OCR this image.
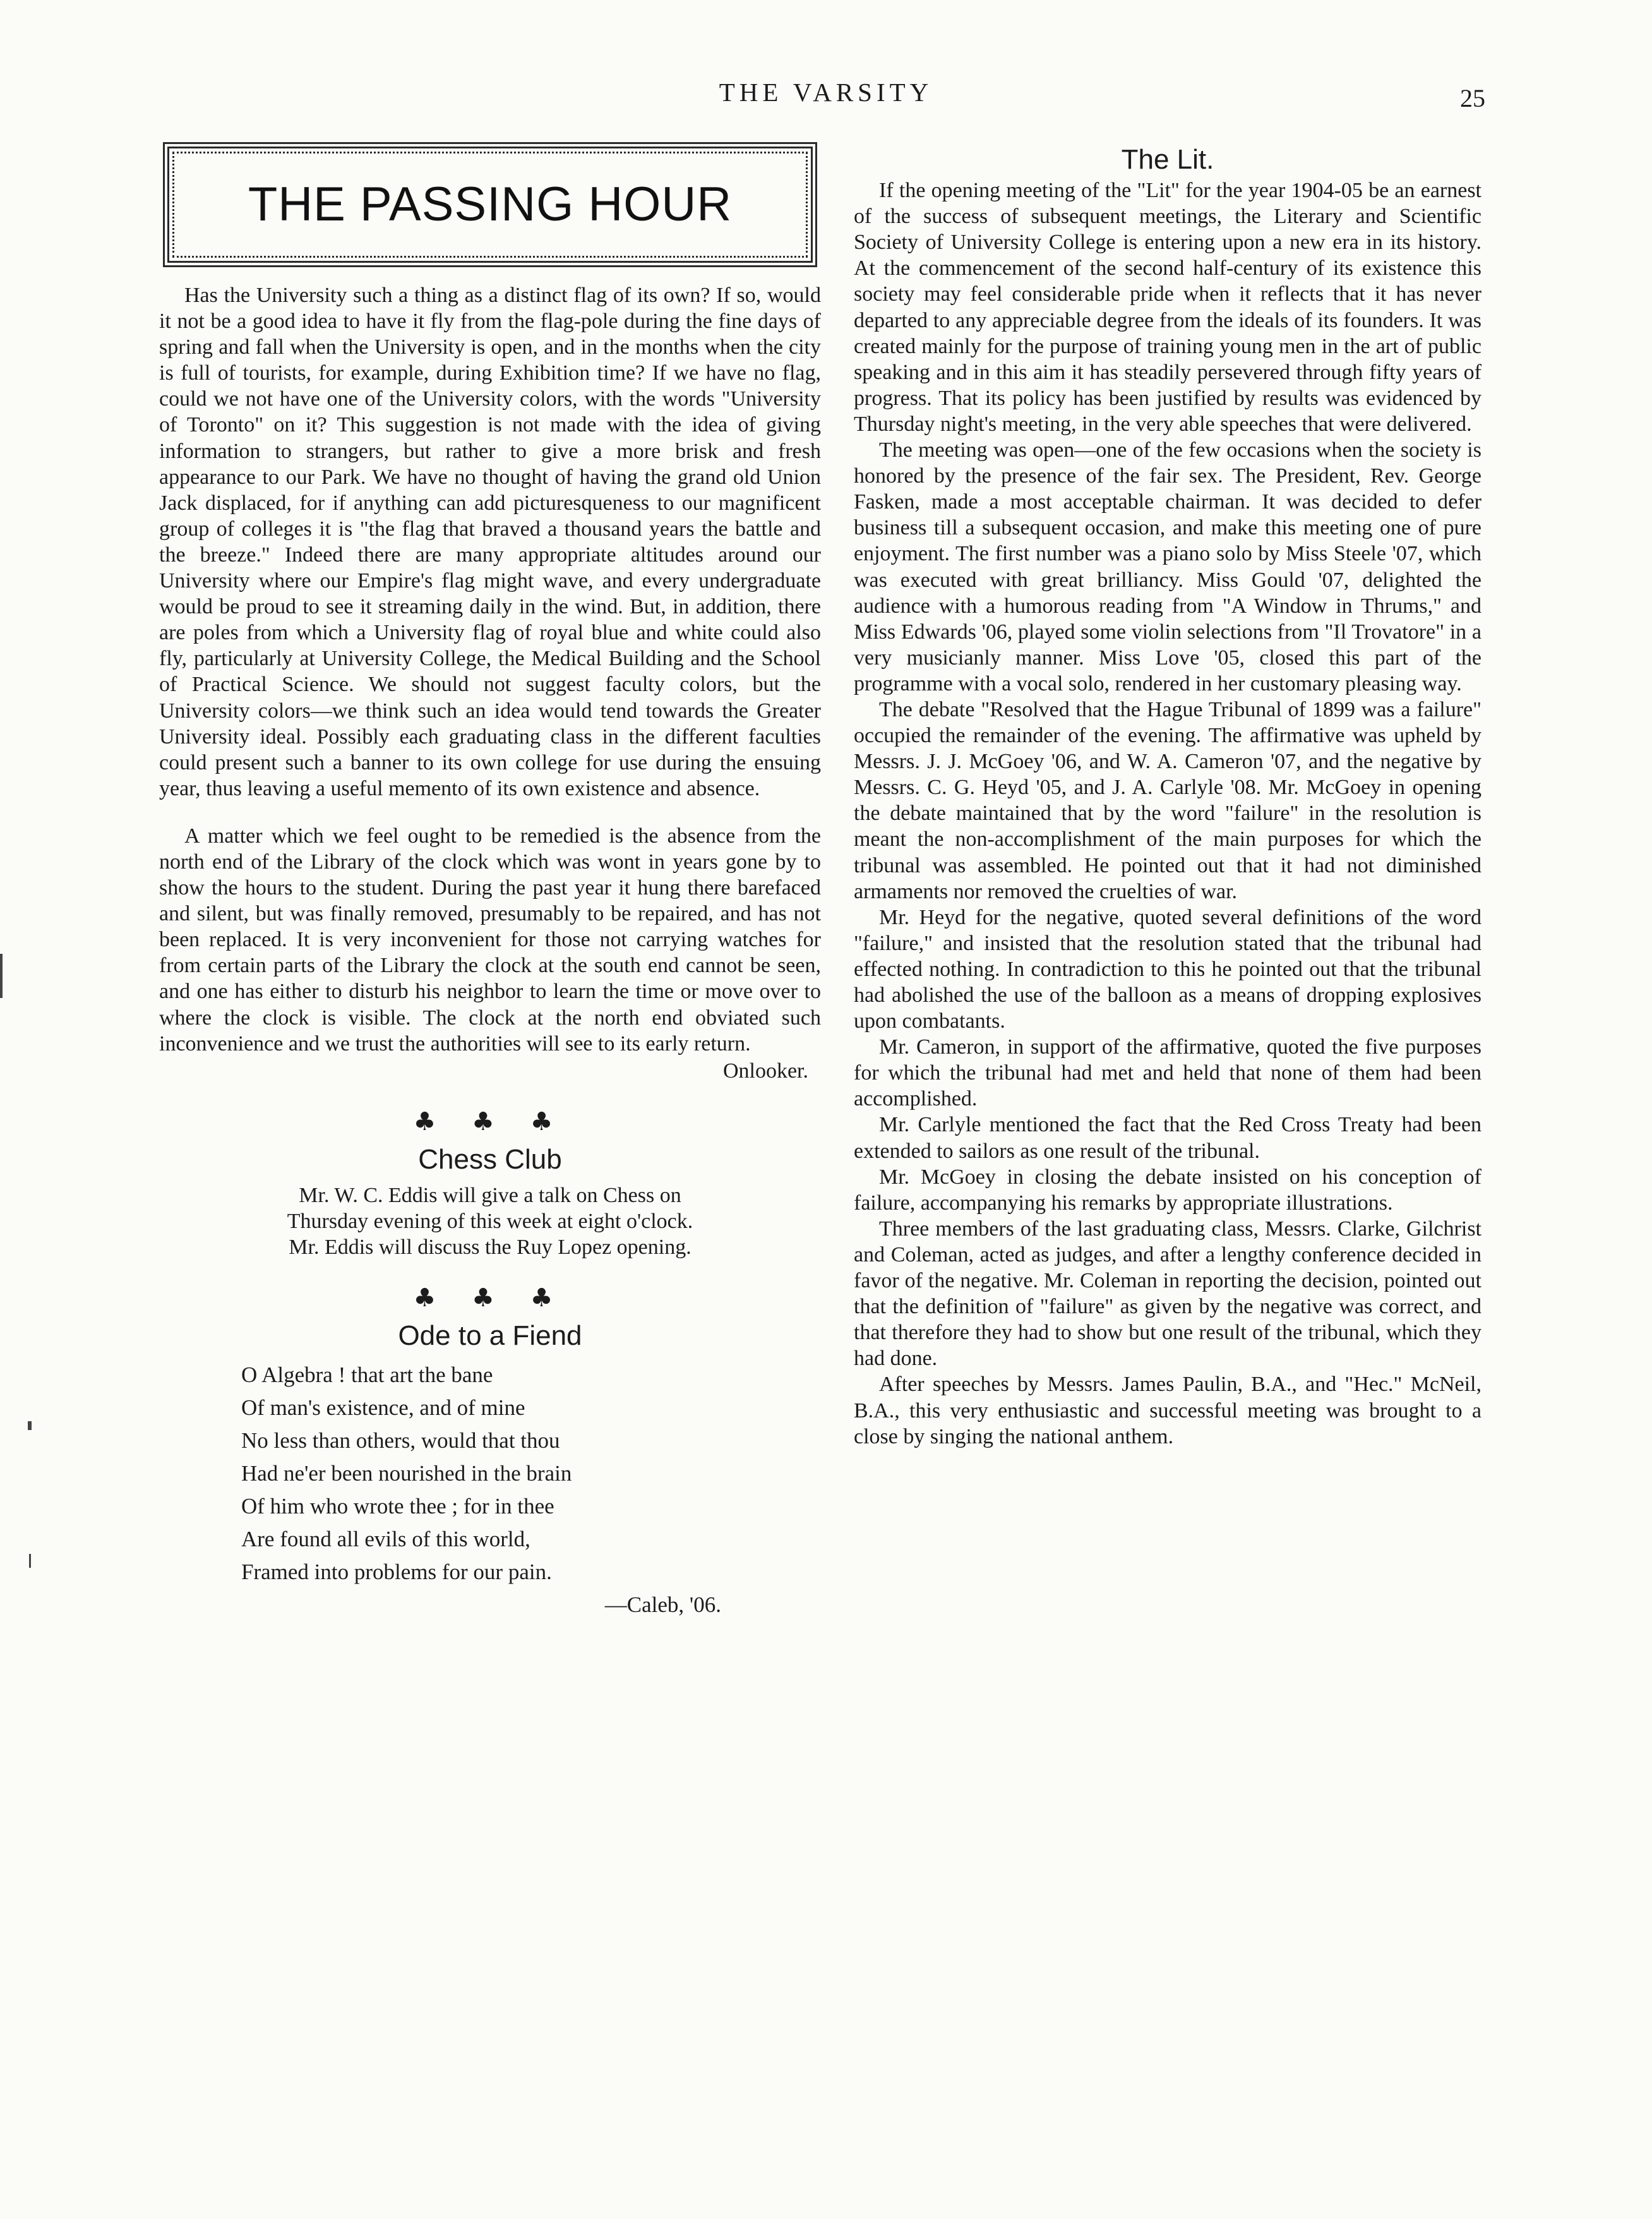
THE VARSITY	25
THE PASSING HOUR

Has the University such a thing as a distinct flag of its own? If so, would it not be a good idea to have it fly from the flag-pole during the fine days of spring and fall when the University is open, and in the months when the city is full of tourists, for example, during Exhibition time? If we have no flag, could we not have one of the University colors, with the words "University of Toronto" on it? This suggestion is not made with the idea of giving information to strangers, but rather to give a more brisk and fresh appearance to our Park. We have no thought of having the grand old Union Jack displaced, for if anything can add picturesqueness to our magnificent group of colleges it is "the flag that braved a thousand years the battle and the breeze." Indeed there are many appropriate altitudes around our University where our Empire's flag might wave, and every undergraduate would be proud to see it streaming daily in the wind. But, in addition, there are poles from which a University flag of royal blue and white could also fly, particularly at University College, the Medical Building and the School of Practical Science. We should not suggest faculty colors, but the University colors—we think such an idea would tend towards the Greater University ideal. Possibly each graduating class in the different faculties could present such a banner to its own college for use during the ensuing year, thus leaving a useful memento of its own existence and absence.

A matter which we feel ought to be remedied is the absence from the north end of the Library of the clock which was wont in years gone by to show the hours to the student. During the past year it hung there barefaced and silent, but was finally removed, presumably to be repaired, and has not been replaced. It is very inconvenient for those not carrying watches for from certain parts of the Library the clock at the south end cannot be seen, and one has either to disturb his neighbor to learn the time or move over to where the clock is visible. The clock at the north end obviated such inconvenience and we trust the authorities will see to its early return.

Onlooker.
♣ ♣ ♣
Chess Club

Mr. W. C. Eddis will give a talk on Chess on

Thursday evening of this week at eight o'clock.

Mr. Eddis will discuss the Ruy Lopez opening.

♣ ♣ ♣
Ode to a Fiend
O Algebra ! that art the bane
Of man's existence, and of mine
No less than others, would that thou
Had ne'er been nourished in the brain
Of him who wrote thee ; for in thee
Are found all evils of this world,
Framed into problems for our pain.
—Caleb, '06.
The Lit.

If the opening meeting of the "Lit" for the year 1904-05 be an earnest of the success of subsequent meetings, the Literary and Scientific Society of University College is entering upon a new era in its history. At the commencement of the second half-century of its existence this society may feel considerable pride when it reflects that it has never departed to any appreciable degree from the ideals of its founders. It was created mainly for the purpose of training young men in the art of public speaking and in this aim it has steadily persevered through fifty years of progress. That its policy has been justified by results was evidenced by Thursday night's meeting, in the very able speeches that were delivered.

The meeting was open—one of the few occasions when the society is honored by the presence of the fair sex. The President, Rev. George Fasken, made a most acceptable chairman. It was decided to defer business till a subsequent occasion, and make this meeting one of pure enjoyment. The first number was a piano solo by Miss Steele '07, which was executed with great brilliancy. Miss Gould '07, delighted the audience with a humorous reading from "A Window in Thrums," and Miss Edwards '06, played some violin selections from "Il Trovatore" in a very musicianly manner. Miss Love '05, closed this part of the programme with a vocal solo, rendered in her customary pleasing way.

The debate "Resolved that the Hague Tribunal of 1899 was a failure" occupied the remainder of the evening. The affirmative was upheld by Messrs. J. J. McGoey '06, and W. A. Cameron '07, and the negative by Messrs. C. G. Heyd '05, and J. A. Carlyle '08. Mr. McGoey in opening the debate maintained that by the word "failure" in the resolution is meant the non-accomplishment of the main purposes for which the tribunal was assembled. He pointed out that it had not diminished armaments nor removed the cruelties of war.

Mr. Heyd for the negative, quoted several definitions of the word "failure," and insisted that the resolution stated that the tribunal had effected nothing. In contradiction to this he pointed out that the tribunal had abolished the use of the balloon as a means of dropping explosives upon combatants.

Mr. Cameron, in support of the affirmative, quoted the five purposes for which the tribunal had met and held that none of them had been accomplished.

Mr. Carlyle mentioned the fact that the Red Cross Treaty had been extended to sailors as one result of the tribunal.

Mr. McGoey in closing the debate insisted on his conception of failure, accompanying his remarks by appropriate illustrations.

Three members of the last graduating class, Messrs. Clarke, Gilchrist and Coleman, acted as judges, and after a lengthy conference decided in favor of the negative. Mr. Coleman in reporting the decision, pointed out that the definition of "failure" as given by the negative was correct, and that therefore they had to show but one result of the tribunal, which they had done.

After speeches by Messrs. James Paulin, B.A., and "Hec." McNeil, B.A., this very enthusiastic and successful meeting was brought to a close by singing the national anthem.
